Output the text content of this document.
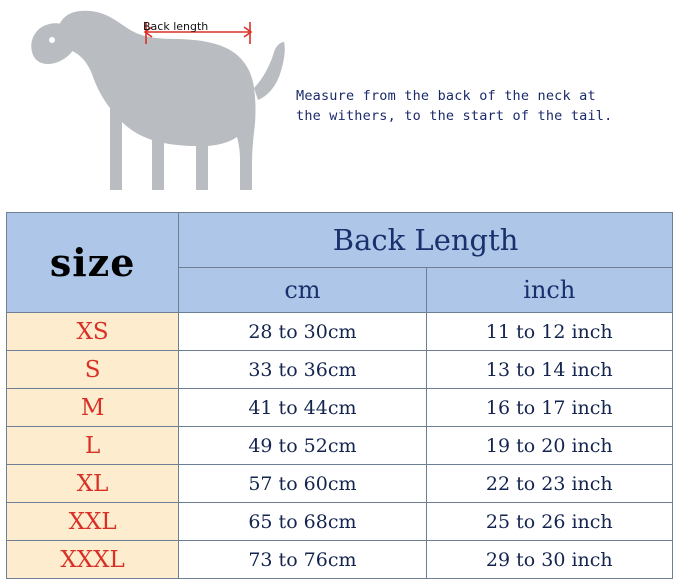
Back length
Measure from the back of the neck at
the withers, to the start of the tail.
size	Back Length	
	cm	inch
XS	28 to 30cm	11 to 12 inch
S	33 to 36cm	13 to 14 inch
M	41 to 44cm	16 to 17 inch
L	49 to 52cm	19 to 20 inch
XL	57 to 60cm	22 to 23 inch
XXL	65 to 68cm	25 to 26 inch
XXXL	73 to 76cm	29 to 30 inch
